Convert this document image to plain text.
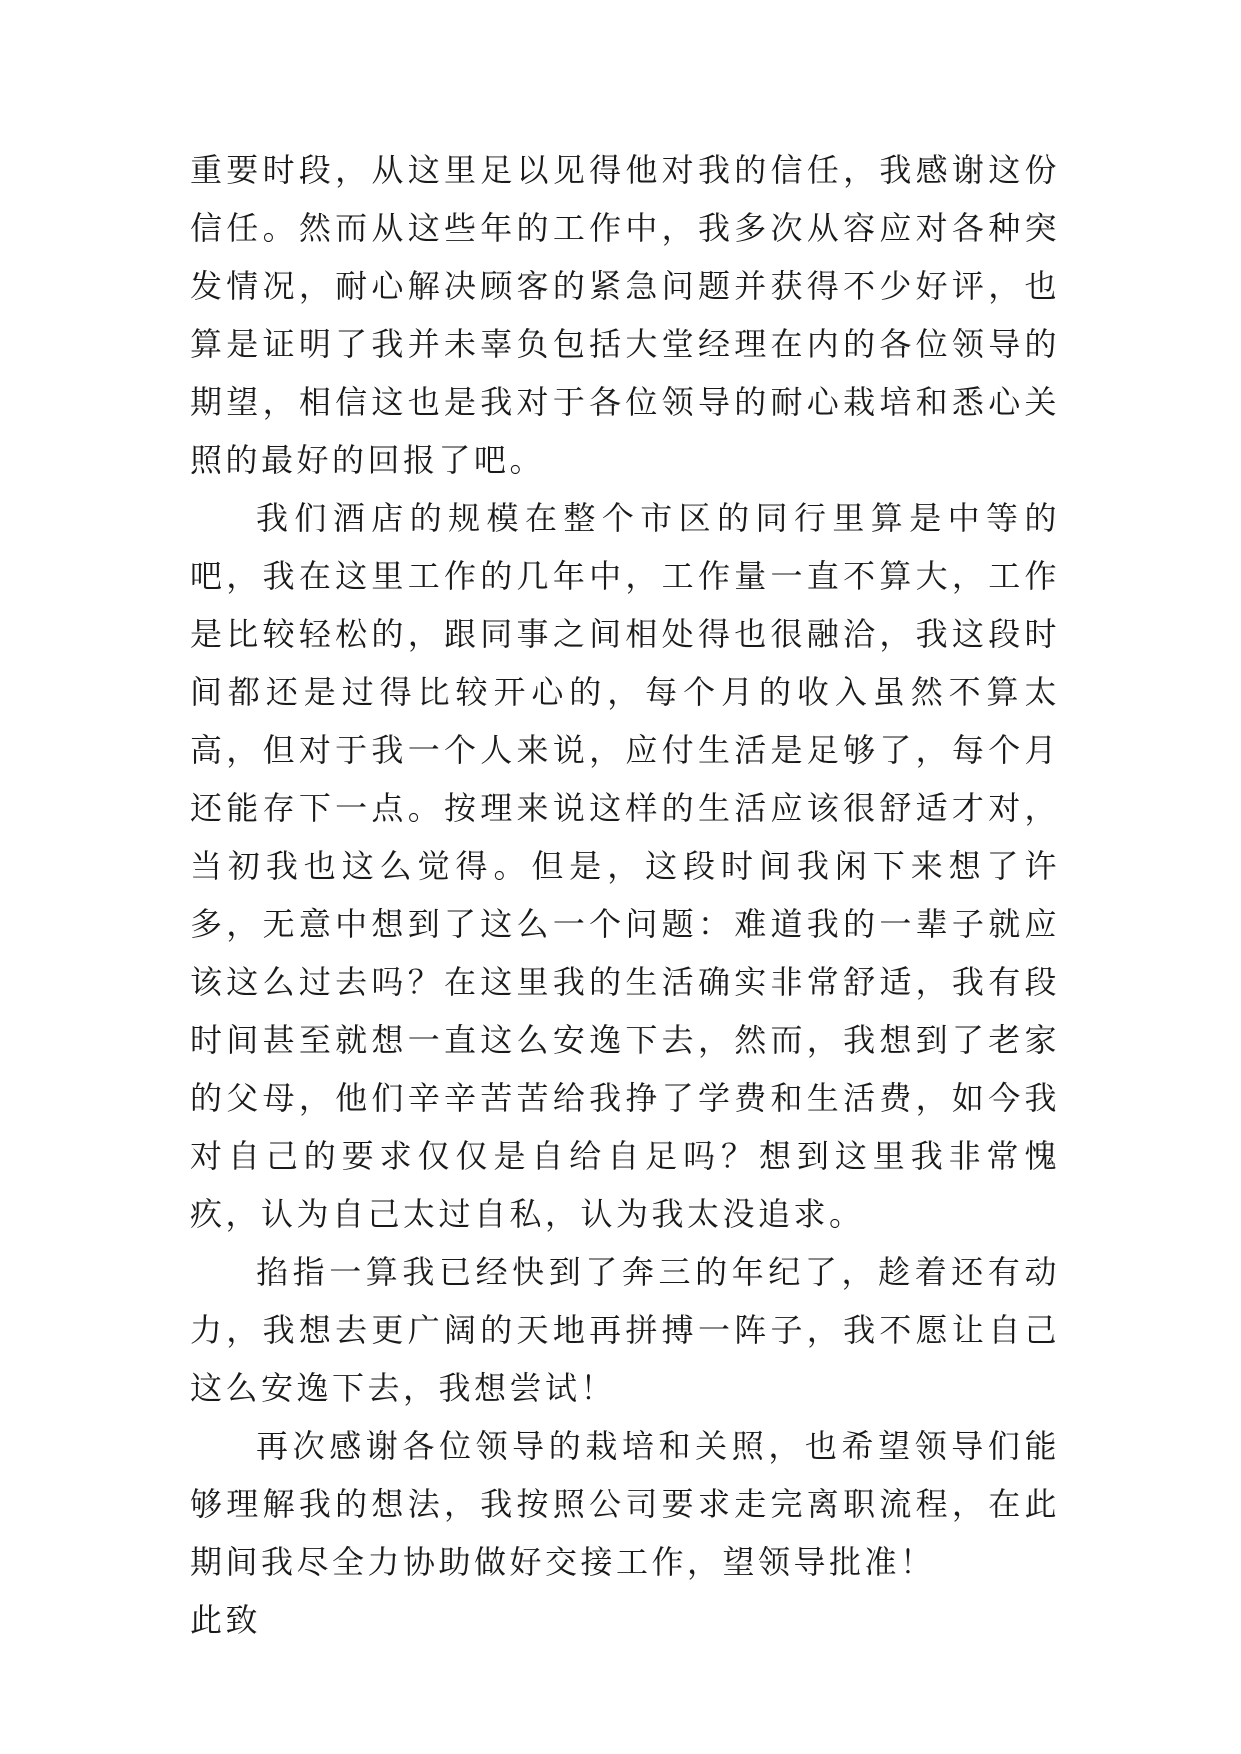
重要时段，从这里足以见得他对我的信任，我感谢这份信任。然而从这些年的工作中，我多次从容应对各种突发情况，耐心解决顾客的紧急问题并获得不少好评，也算是证明了我并未辜负包括大堂经理在内的各位领导的期望，相信这也是我对于各位领导的耐心栽培和悉心关照的最好的回报了吧。

我们酒店的规模在整个市区的同行里算是中等的吧，我在这里工作的几年中，工作量一直不算大，工作是比较轻松的，跟同事之间相处得也很融洽，我这段时间都还是过得比较开心的，每个月的收入虽然不算太高，但对于我一个人来说，应付生活是足够了，每个月还能存下一点。按理来说这样的生活应该很舒适才对，当初我也这么觉得。但是，这段时间我闲下来想了许多，无意中想到了这么一个问题：难道我的一辈子就应该这么过去吗？在这里我的生活确实非常舒适，我有段时间甚至就想一直这么安逸下去，然而，我想到了老家的父母，他们辛辛苦苦给我挣了学费和生活费，如今我对自己的要求仅仅是自给自足吗？想到这里我非常愧疚，认为自己太过自私，认为我太没追求。

掐指一算我已经快到了奔三的年纪了，趁着还有动力，我想去更广阔的天地再拼搏一阵子，我不愿让自己这么安逸下去，我想尝试！

再次感谢各位领导的栽培和关照，也希望领导们能够理解我的想法，我按照公司要求走完离职流程，在此期间我尽全力协助做好交接工作，望领导批准！

此致
